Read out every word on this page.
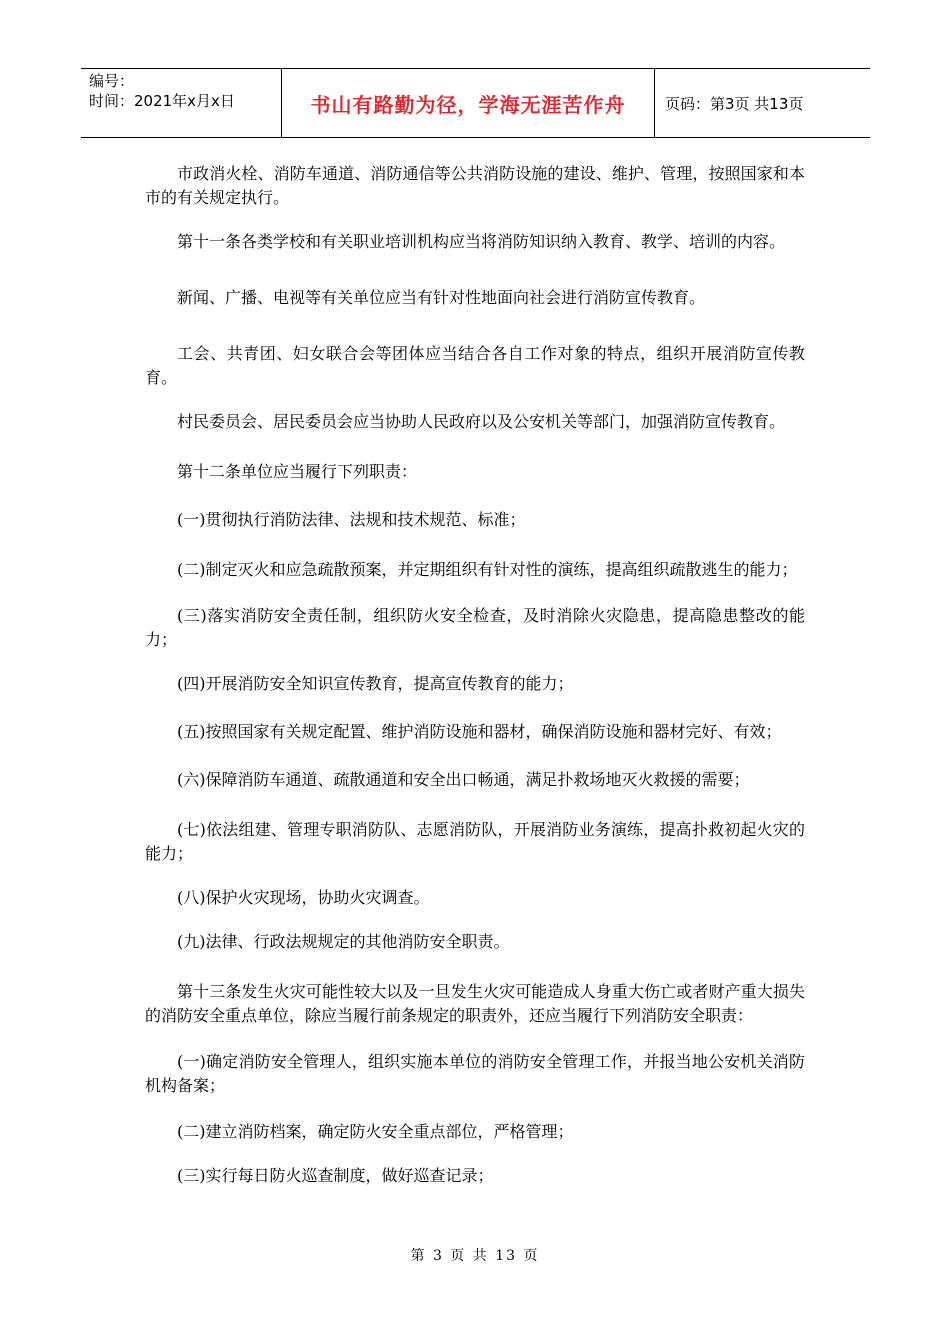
编号：
时间：2021年x月x日	书山有路勤为径，学海无涯苦作舟	页码：第3页 共13页

市政消火栓、消防车通道、消防通信等公共消防设施的建设、维护、管理，按照国家和本市的有关规定执行。

第十一条各类学校和有关职业培训机构应当将消防知识纳入教育、教学、培训的内容。

新闻、广播、电视等有关单位应当有针对性地面向社会进行消防宣传教育。

工会、共青团、妇女联合会等团体应当结合各自工作对象的特点，组织开展消防宣传教育。

村民委员会、居民委员会应当协助人民政府以及公安机关等部门，加强消防宣传教育。

第十二条单位应当履行下列职责：

(一)贯彻执行消防法律、法规和技术规范、标准；

(二)制定灭火和应急疏散预案，并定期组织有针对性的演练，提高组织疏散逃生的能力；

(三)落实消防安全责任制，组织防火安全检查，及时消除火灾隐患，提高隐患整改的能力；

(四)开展消防安全知识宣传教育，提高宣传教育的能力；

(五)按照国家有关规定配置、维护消防设施和器材，确保消防设施和器材完好、有效；

(六)保障消防车通道、疏散通道和安全出口畅通，满足扑救场地灭火救援的需要；

(七)依法组建、管理专职消防队、志愿消防队，开展消防业务演练，提高扑救初起火灾的能力；

(八)保护火灾现场，协助火灾调查。

(九)法律、行政法规规定的其他消防安全职责。

第十三条发生火灾可能性较大以及一旦发生火灾可能造成人身重大伤亡或者财产重大损失的消防安全重点单位，除应当履行前条规定的职责外，还应当履行下列消防安全职责：

(一)确定消防安全管理人，组织实施本单位的消防安全管理工作，并报当地公安机关消防机构备案；

(二)建立消防档案，确定防火安全重点部位，严格管理；

(三)实行每日防火巡查制度，做好巡查记录；

第 3 页 共 13 页
